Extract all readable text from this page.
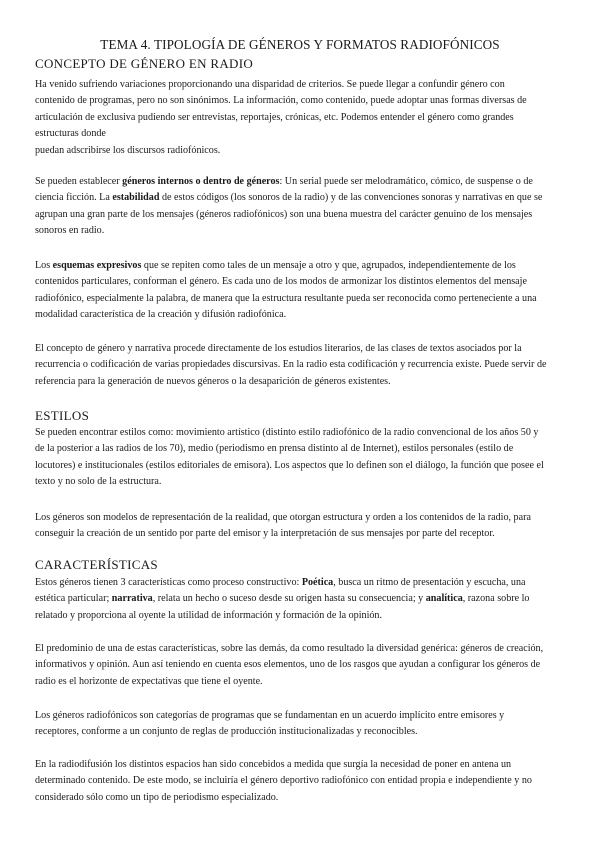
TEMA 4. TIPOLOGÍA DE GÉNEROS Y FORMATOS RADIOFÓNICOS
CONCEPTO DE GÉNERO EN RADIO
Ha venido sufriendo variaciones proporcionando una disparidad de criterios. Se puede llegar a confundir género con
contenido de programas, pero no son sinónimos. La información, como contenido, puede adoptar unas formas diversas de
articulación de exclusiva pudiendo ser entrevistas, reportajes, crónicas, etc. Podemos entender el género como grandes
estructuras donde
puedan adscribirse los discursos radiofónicos.
Se pueden establecer géneros internos o dentro de géneros: Un serial puede ser melodramático, cómico, de suspense o de
ciencia ficción. La estabilidad de estos códigos (los sonoros de la radio) y de las convenciones sonoras y narrativas en que se
agrupan una gran parte de los mensajes (géneros radiofónicos) son una buena muestra del carácter genuino de los mensajes
sonoros en radio.
Los esquemas expresivos que se repiten como tales de un mensaje a otro y que, agrupados, independientemente de los
contenidos particulares, conforman el género. Es cada uno de los modos de armonizar los distintos elementos del mensaje
radiofónico, especialmente la palabra, de manera que la estructura resultante pueda ser reconocida como perteneciente a una
modalidad característica de la creación y difusión radiofónica.
El concepto de género y narrativa procede directamente de los estudios literarios, de las clases de textos asociados por la
recurrencia o codificación de varias propiedades discursivas. En la radio esta codificación y recurrencia existe. Puede servir de
referencia para la generación de nuevos géneros o la desaparición de géneros existentes.
ESTILOS
Se pueden encontrar estilos como: movimiento artístico (distinto estilo radiofónico de la radio convencional de los años 50 y
de la posterior a las radios de los 70), medio (periodismo en prensa distinto al de Internet), estilos personales (estilo de
locutores) e institucionales (estilos editoriales de emisora). Los aspectos que lo definen son el diálogo, la función que posee el
texto y no solo de la estructura.
Los géneros son modelos de representación de la realidad, que otorgan estructura y orden a los contenidos de la radio, para
conseguir la creación de un sentido por parte del emisor y la interpretación de sus mensajes por parte del receptor.
CARACTERÍSTICAS
Estos géneros tienen 3 características como proceso constructivo: Poética, busca un ritmo de presentación y escucha, una
estética particular; narrativa, relata un hecho o suceso desde su origen hasta su consecuencia; y analítica, razona sobre lo
relatado y proporciona al oyente la utilidad de información y formación de la opinión.
El predominio de una de estas características, sobre las demás, da como resultado la diversidad genérica: géneros de creación,
informativos y opinión. Aun así teniendo en cuenta esos elementos, uno de los rasgos que ayudan a configurar los géneros de
radio es el horizonte de expectativas que tiene el oyente.
Los géneros radiofónicos son categorías de programas que se fundamentan en un acuerdo implícito entre emisores y
receptores, conforme a un conjunto de reglas de producción institucionalizadas y reconocibles.
En la radiodifusión los distintos espacios han sido concebidos a medida que surgía la necesidad de poner en antena un
determinado contenido. De este modo, se incluiría el género deportivo radiofónico con entidad propia e independiente y no
considerado sólo como un tipo de periodismo especializado.
